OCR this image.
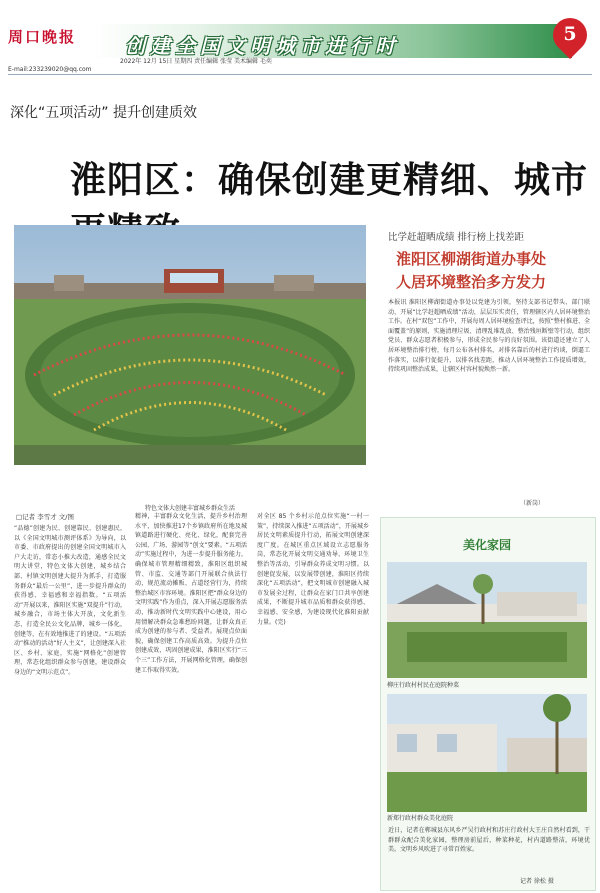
周口晚报 创建全国文明城市进行时	5
2022年 12月 15日 星期四 责任编辑 张莹 美术编辑 毛奕
E-mail:233239020@qq.com
深化“五项活动” 提升创建质效
淮阳区：确保创建更精细、城市
特色文体大创建丰富城乡群众生活
比学赶超晒成绩 排行榜上找差距
淮阳区柳湖街道办事处
人居环境整治多方发力
本报讯 淮阳区柳湖街道办事处以党建为引领，坚持支部书记带头、部门联动，开展“比学赶超晒成绩”活动，层层压实责任，管理辖区内人居环境整治工作。在村“双包”工作中，开展每周人居环境检查评比，按照“整村推进、全面覆盖”的原则，实施清理垃圾、清理乱堆乱放、整治残垣断壁等行动，组织党员、群众志愿者积极参与，形成全民参与的良好氛围。该街道还建立了人居环境整治排行榜，每月公布各村排名，对排名靠后的村进行约谈，倒逼工作落实，以排行促提升，以排名找差距，推动人居环境整治工作提质增效，持续巩固整治成果，让辖区村容村貌焕然一新。
（新岗）
□记者 李雪才 文/图
“品德”创建为民、创建靠民、创建惠民，以《全国文明城市测评体系》为导向，以市委、市政府提出的创建全国文明城市入户大走访，常态小推大改造，通感全民文明大讲堂，特色文体大创建，城乡结合部、村镇文明创建大提升为抓手，打造服务群众“最后一公里”，进一步提升群众的获得感、幸福感和幸福指数。“五项活动”开展以来，淮阳区实施“双提升”行动，城乡融合，市场主体大开放，文化新生态，打造全民公文化品牌，城乡一体化，创建等，在有效地推进了的建设。“五项活动”推动的活动“好人主义”，让创建深入社区、乡村、家庭，实施“网格化”创建管理，常态化组织群众参与创建，建设群众身边的“文明示范点”。
精神，丰富群众文化生活，提升乡村治理水平，加快推进17个乡镇政府所在地及城镇道路进行硬化、亮化、绿化，配套完善公园、广场、游园等“创文”要素。“五项活动”实施过程中，为进一步提升服务能力，确保城市管理精细精致，淮阳区组织城管、市监、交通等部门开展联合执法行动，规范流动摊贩、占道经营行为，持续整治城区市容环境。淮阳区把“群众身边的文明实践”作为重点，深入开展志愿服务活动，推动新时代文明实践中心建设，用心用情解决群众急难愁盼问题，让群众真正成为创建的参与者、受益者。展现点位面貌，确保创建工作高质高效。为提升点位创建成效，巩固创建成果，淮阳区实行“三个三”工作方法，开展网格化管理，确保创建工作取得实效。
对全区 85 个乡村示范点位实施“一村一策”，持续深入推进“五项活动”，开展城乡居民文明素质提升行动，拓展文明创建深度广度。在城区重点区域设立志愿服务岗，常态化开展文明交通劝导、环境卫生整治等活动，引导群众养成文明习惯。以创建促发展，以发展带创建，淮阳区持续深化“五项活动”，把文明城市创建融入城市发展全过程，让群众在家门口共享创建成果，不断提升城市品质和群众获得感、幸福感、安全感，为建设现代化淮阳贡献力量。(完)
美化家园
柳庄行政村村民在庭院种菜
新郑行政村群众美化庭院
近日，记者在郸城县东风乡严吴行政村和苏庄行政村大王庄自然村看到，干群群众配合美化家园，整理房前屋后，种菜种花，村内道路整洁，环境优美。文明乡风吹进了寻常百姓家。
记者 徐松 摄
